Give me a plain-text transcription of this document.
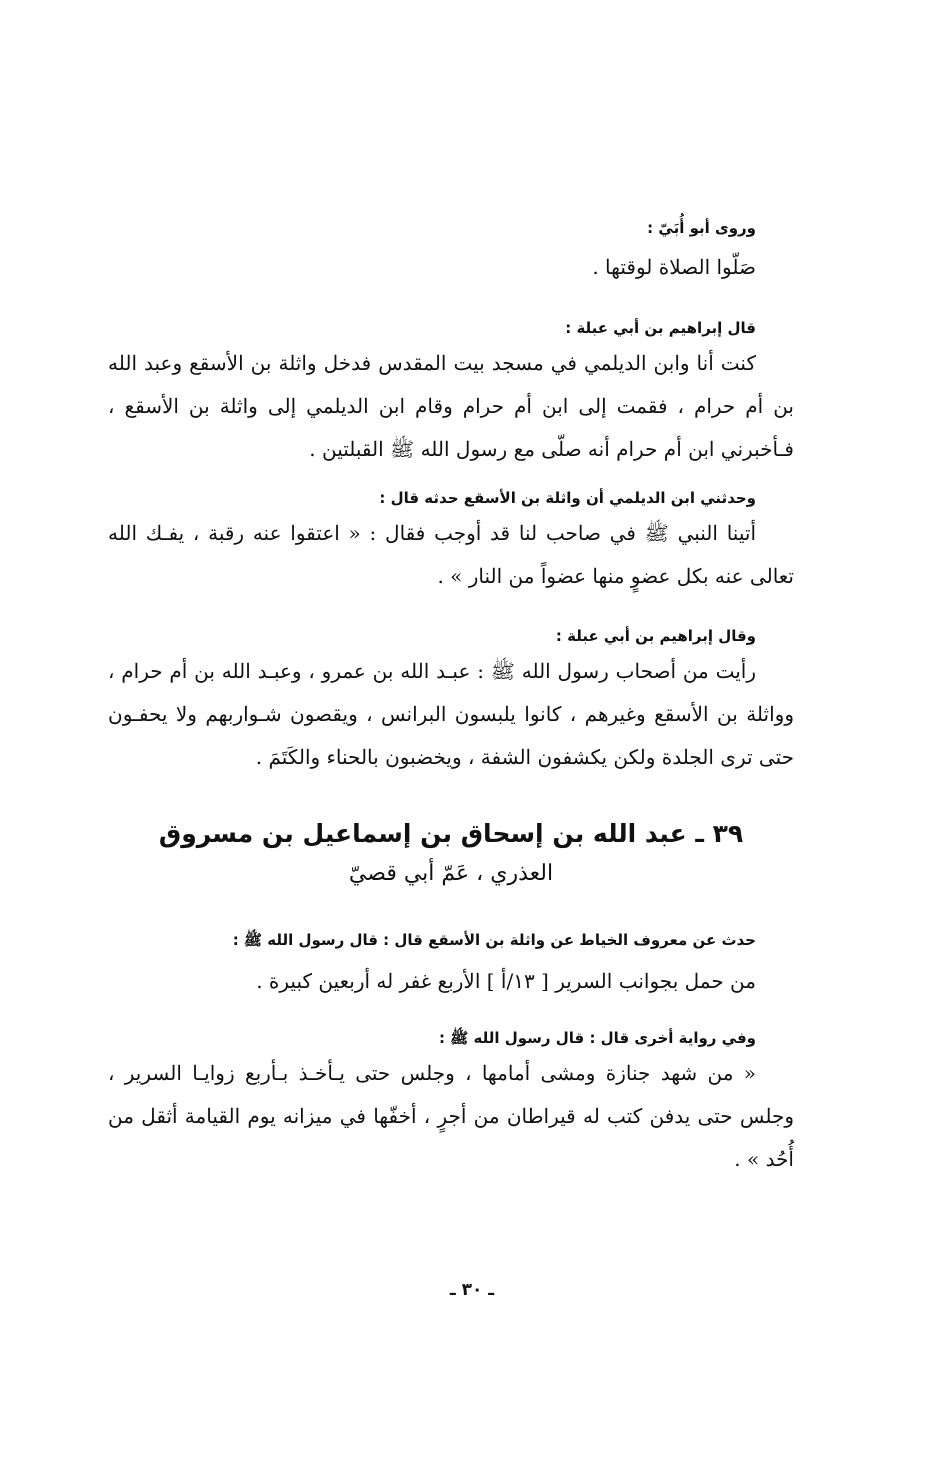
وروى أبو أُبَيّ :

صَلّوا الصلاة لوقتها .

قال إبراهيم بن أبي عبلة :

كنت أنا وابن الديلمي في مسجد بيت المقدس فدخل واثلة بن الأسقع وعبد الله بن أم حرام ، فقمت إلى ابن أم حرام وقام ابن الديلمي إلى واثلة بن الأسقع ، فـأخبرني ابن أم حرام أنه صلّى مع رسول الله ﷺ القبلتين .

وحدثني ابن الديلمي أن واثلة بن الأسقع حدثه قال :

أتينا النبي ﷺ في صاحب لنا قد أوجب فقال : « اعتقوا عنه رقبة ، يفـك الله تعالى عنه بكل عضوٍ منها عضواً من النار » .

وقال إبراهيم بن أبي عبلة :

رأيت من أصحاب رسول الله ﷺ : عبـد الله بن عمرو ، وعبـد الله بن أم حرام ، وواثلة بن الأسقع وغيرهم ، كانوا يلبسون البرانس ، ويقصون شـواربهم ولا يحفـون حتى ترى الجلدة ولكن يكشفون الشفة ، ويخضبون بالحناء والكَتَمَ .

٣٩ ـ عبد الله بن إسحاق بن إسماعيل بن مسروق
العذري ، عَمّ أبي قصيّ

حدث عن معروف الخياط عن واثلة بن الأسقع قال : قال رسول الله ﷺ :

من حمل بجوانب السرير [ ١٣/أ ] الأربع غفر له أربعين كبيرة .

وفي رواية أخرى قال : قال رسول الله ﷺ :

« من شهد جنازة ومشى أمامها ، وجلس حتى يـأخـذ بـأربع زوايـا السرير ، وجلس حتى يدفن كتب له قيراطان من أجرٍ ، أخفّها في ميزانه يوم القيامة أثقل من أُحُد » .

ـ ٣٠ ـ
